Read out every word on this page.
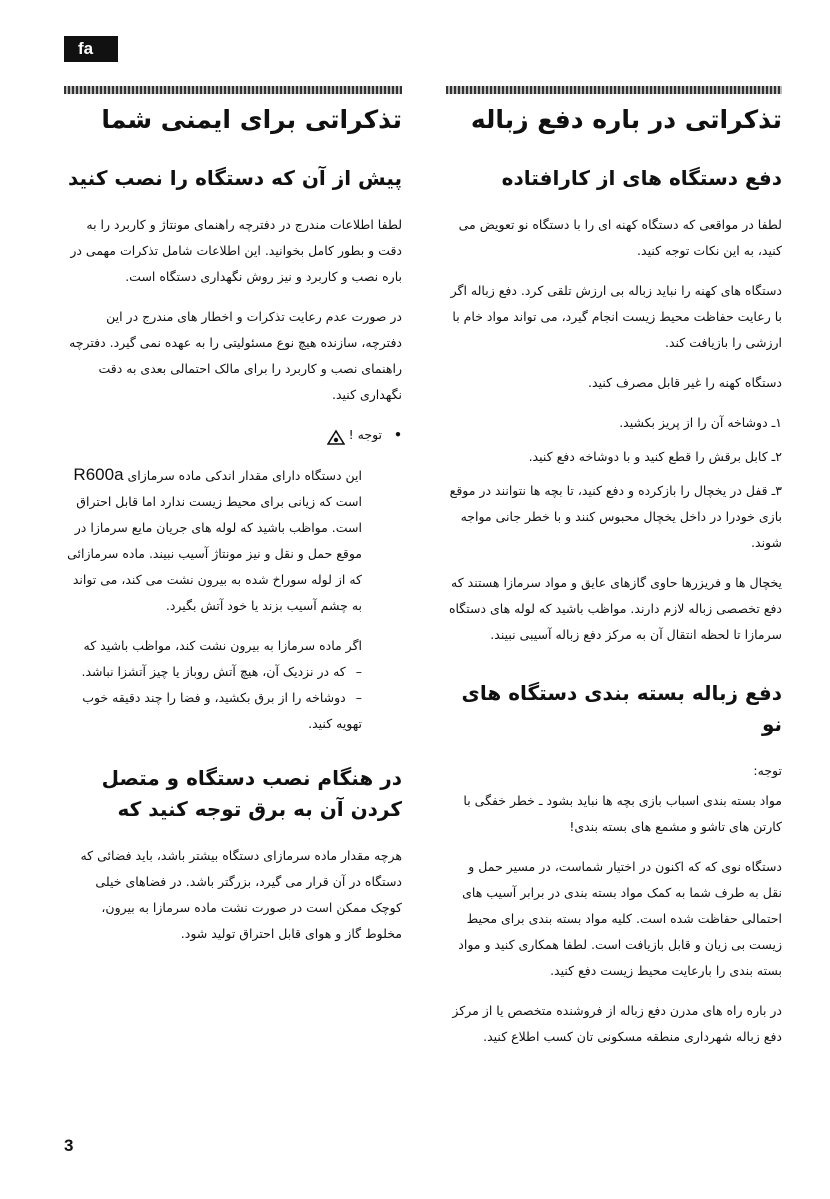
fa
تذکراتی در باره دفع زباله
دفع دستگاه های از کارافتاده

لطفا در مواقعی که دستگاه کهنه ای را با دستگاه نو تعویض می کنید، به این نکات توجه کنید.

دستگاه های کهنه را نباید زباله بی ارزش تلقی کرد. دفع زباله اگر با رعایت حفاظت محیط زیست انجام گیرد، می تواند مواد خام با ارزشی را بازیافت کند.

دستگاه کهنه را غیر قابل مصرف کنید.

۱ـ دوشاخه آن را از پریز بکشید.
۲ـ کابل برقش را قطع کنید و با دوشاخه دفع کنید.
۳ـ قفل در یخچال را بازکرده و دفع کنید، تا بچه ها نتوانند در موقع بازی خودرا در داخل یخچال محبوس کنند و با خطر جانی مواجه شوند.

یخچال ها و فریزرها حاوی گازهای عایق و مواد سرمازا هستند که دفع تخصصی زباله لازم دارند. مواظب باشید که لوله های دستگاه سرمازا تا لحظه انتقال آن به مرکز دفع زباله آسیبی نبیند.

دفع زباله بسته بندی دستگاه های نو

توجه:

مواد بسته بندی اسباب بازی بچه ها نباید بشود ـ خطر خفگی با کارتن های تاشو و مشمع های بسته بندی!

دستگاه نوی که که اکنون در اختیار شماست، در مسیر حمل و نقل به طرف شما به کمک مواد بسته بندی در برابر آسیب های احتمالی حفاظت شده است. کلیه مواد بسته بندی برای محیط زیست بی زیان و قابل بازیافت است. لطفا همکاری کنید و مواد بسته بندی را بارعایت محیط زیست دفع کنید.

در باره راه های مدرن دفع زباله از فروشنده متخصص یا از مرکز دفع زباله شهرداری منطقه مسکونی تان کسب اطلاع کنید.

تذکراتی برای ایمنی شما
پیش از آن که دستگاه را نصب کنید

لطفا اطلاعات مندرج در دفترچه راهنمای مونتاژ و کاربرد را به دقت و بطور کامل بخوانید. این اطلاعات شامل تذکرات مهمی در باره نصب و کاربرد و نیز روش نگهداری دستگاه است.

در صورت عدم رعایت تذکرات و اخطار های مندرج در این دفترچه، سازنده هیچ نوع مسئولیتی را به عهده نمی گیرد. دفترچه راهنمای نصب و کاربرد را برای مالک احتمالی بعدی به دقت نگهداری کنید.

• توجه !

این دستگاه دارای مقدار اندکی ماده سرمازای R600a است که زیانی برای محیط زیست ندارد اما قابل احتراق است. مواظب باشید که لوله های جریان مایع سرمازا در موقع حمل و نقل و نیز مونتاژ آسیب نبیند. ماده سرمازائی که از لوله سوراخ شده به بیرون نشت می کند، می تواند به چشم آسیب بزند یا خود آتش بگیرد.

اگر ماده سرمازا به بیرون نشت کند، مواظب باشید که

–که در نزدیک آن، هیچ آتش روباز یا چیز آتشزا نباشد.
–دوشاخه را از برق بکشید، و فضا را چند دقیقه خوب تهویه کنید.
در هنگام نصب دستگاه و متصل کردن آن به برق توجه کنید که

هرچه مقدار ماده سرمازای دستگاه بیشتر باشد، باید فضائی که دستگاه در آن قرار می گیرد، بزرگتر باشد. در فضاهای خیلی کوچک ممکن است در صورت نشت ماده سرمازا به بیرون، مخلوط گاز و هوای قابل احتراق تولید شود.

3
